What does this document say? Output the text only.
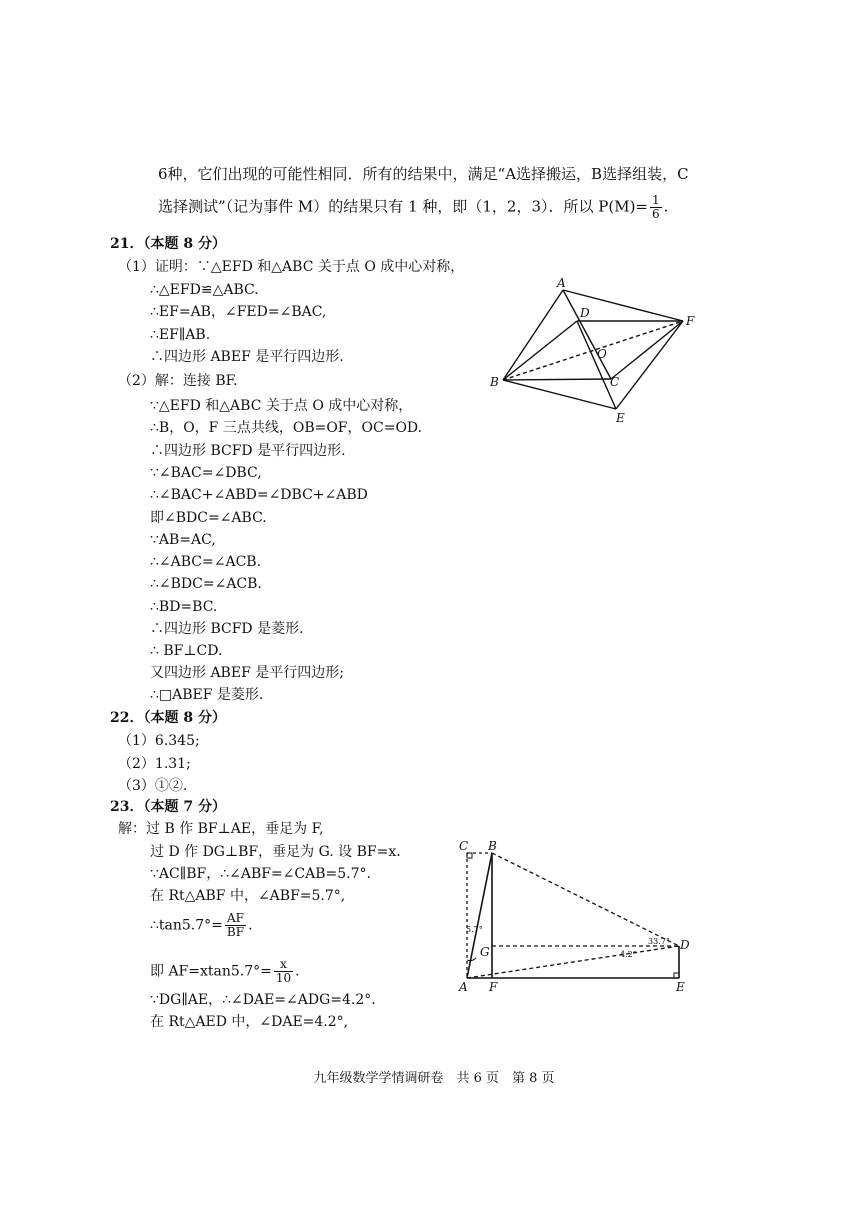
6种，它们出现的可能性相同．所有的结果中，满足“A选择搬运，B选择组装，C
选择测试”（记为事件 M）的结果只有 1 种，即（1，2，3）．所以 $P(M)= \frac{1}{6}$ .
21．（本题 8 分）
（1）证明：∵△EFD 和△ABC 关于点 O 成中心对称，
∴△EFD≌△ABC.
∴EF=AB，∠FED=∠BAC,
∴EF∥AB.
∴四边形 ABEF 是平行四边形.
（2）解：连接 BF.
∵△EFD 和△ABC 关于点 O 成中心对称，
∴B，O，F 三点共线，OB=OF，OC=OD.
∴四边形 BCFD 是平行四边形.
∵∠BAC=∠DBC,
∴∠BAC+∠ABD=∠DBC+∠ABD
即∠BDC=∠ABC.
∵AB=AC,
∴∠ABC=∠ACB.
∴∠BDC=∠ACB.
∴BD=BC.
∴四边形 BCFD 是菱形.
∴ BF⊥CD.
又四边形 ABEF 是平行四边形;
∴□ABEF 是菱形.
A
D
F
O
B	C
E
22．（本题 8 分）
（1）6.345;
（2）1.31;
（3）①②.
23．（本题 7 分）
解：过 B 作 BF⊥AE，垂足为 F,
过 D 作 DG⊥BF，垂足为 G. 设 BF=x.
∵AC∥BF，∴∠ABF=∠CAB=5.7°.
在 Rt△ABF 中，∠ABF=5.7°,
∴tan5.7°= $\frac{AF}{BF}$ .
即 $AF=xtan5.7^\circ= \frac{x}{10}$ .
∵DG∥AE，∴∠DAE=∠ADG=4.2°.
在 Rt△AED 中，∠DAE=4.2°,
C B
D
G
A F	E
5.7°
33.7°
4.2°
九年级数学学情调研卷　共 6 页　第 8 页
